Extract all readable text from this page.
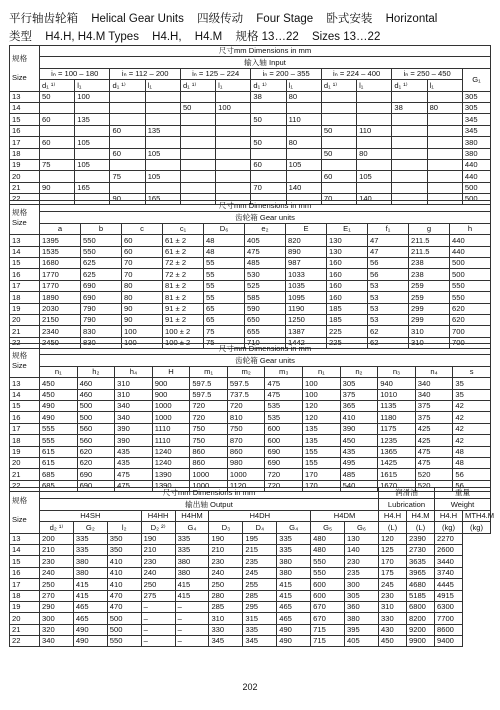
平行轴齿轮箱 Helical Gear Units 四级传动 Four Stage 卧式安装 Horizontal
类型 H4.H, H4.M Types H4.H, H4.M 规格 13…22 Sizes 13…22
规格

Size	尺寸mm Dimensions in mm												
	输入轴 Input												
	iₙ = 100 – 180		iₙ = 112 – 200		iₙ = 125 – 224		iₙ = 200 – 355		iₙ = 224 – 400		iₙ = 250 – 450		G₁
	d₁ ¹⁾	l₁	d₁ ¹⁾	l₁	d₁ ¹⁾	l₁	d₁ ¹⁾	l₁	d₁ ¹⁾	l₁	d₁ ¹⁾	l₁	
13	50	100					38	80					305
14					50	100					38	80	305
15	60	135					50	110					345
16			60	135					50	110			345
17	60	105					50	80					380
18			60	105					50	80			380
19	75	105					60	105					440
20			75	105					60	105			440
21	90	165					70	140					500
22			90	165					70	140			500
规格
Size	尺寸mm Dimensions in mm										
	齿轮箱 Gear units										
	a	b	c	c₁	D₆	e₂	E	E₁	f₁	g	h
13	1395	550	60	61 ± 2	48	405	820	130	47	211.5	440
14	1535	550	60	61 ± 2	48	475	890	130	47	211.5	440
15	1680	625	70	72 ± 2	55	485	987	160	56	238	500
16	1770	625	70	72 ± 2	55	530	1033	160	56	238	500
17	1770	690	80	81 ± 2	55	525	1035	160	53	259	550
18	1890	690	80	81 ± 2	55	585	1095	160	53	259	550
19	2030	790	90	91 ± 2	65	590	1190	185	53	299	620
20	2150	790	90	91 ± 2	65	650	1250	185	53	299	620
21	2340	830	100	100 ± 2	75	655	1387	225	62	310	700
22	2450	830	100	100 ± 2	75	710	1442	225	62	310	700
规格
Size	尺寸mm Dimensions in mm											
	齿轮箱 Gear units											
	n₁	h₂	h₄	H	m₁	m₂	m₃	n₁	n₂	n₃	n₄	s
13	450	460	310	900	597.5	597.5	475	100	305	940	340	35
14	450	460	310	900	597.5	737.5	475	100	375	1010	340	35
15	490	500	340	1000	720	720	535	120	365	1135	375	42
16	490	500	340	1000	720	810	535	120	410	1180	375	42
17	555	560	390	1110	750	750	600	135	390	1175	425	42
18	555	560	390	1110	750	870	600	135	450	1235	425	42
19	615	620	435	1240	860	860	690	155	435	1365	475	48
20	615	620	435	1240	860	980	690	155	495	1425	475	48
21	685	690	475	1390	1000	1000	720	170	485	1615	520	56
22	685	690	475	1390	1000	1120	720	170	540	1670	520	56
规格

Size	尺寸mm Dimensions in mm										润滑油		重量	
	输出轴 Output										Lubrication		Weight	
	H4SH			H4HH	H4HM	H4DH			H4DM		H4.H	H4.M	H4.H	MTH4.M
	d₂ ¹⁾	G₂	l₂	D₂ ²⁾	G₄	D₃	D₄	G₄	G₅	G₆	(L)	(L)	(kg)	(kg)
13	200	335	350	190	335	190	195	335	480	130	120	2390	2270	
14	210	335	350	210	335	210	215	335	480	140	125	2730	2600	
15	230	380	410	230	380	230	235	380	550	230	170	3635	3440	
16	240	380	410	240	380	240	245	380	550	235	175	3965	3740	
17	250	415	410	250	415	250	255	415	600	300	245	4680	4445	
18	270	415	470	275	415	280	285	415	600	305	230	5185	4915	
19	290	465	470	–	–	285	295	465	670	360	310	6800	6300	
20	300	465	500	–	–	310	315	465	670	380	330	8200	7700	
21	320	490	500	–	–	330	335	490	715	395	430	9200	8600	
22	340	490	550	–	–	345	345	490	715	405	450	9900	9400	
202
